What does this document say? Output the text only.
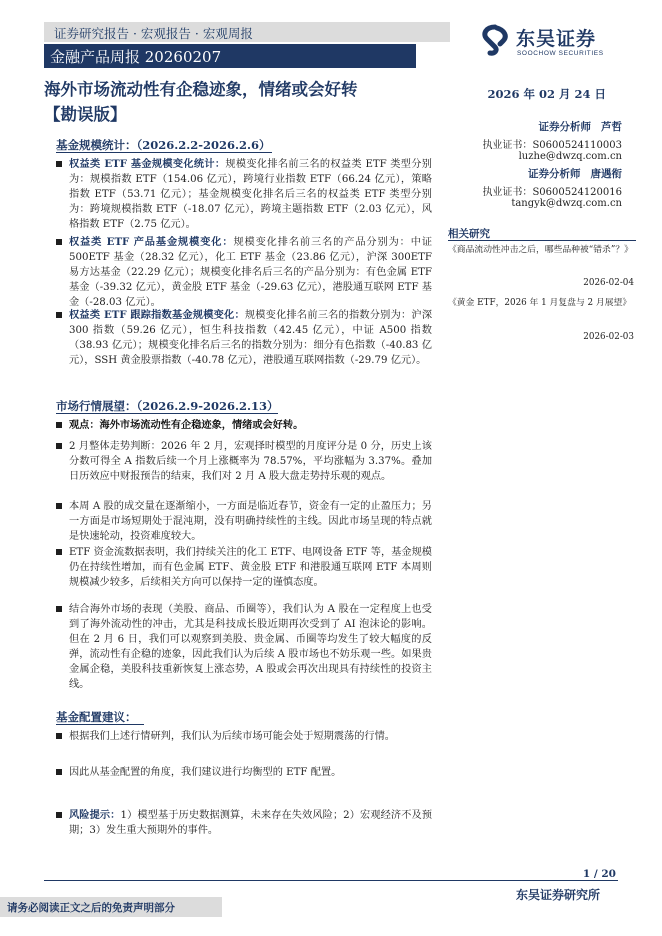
证券研究报告 · 宏观报告 · 宏观周报
金融产品周报 20260207
东吴证券
SOOCHOW SECURITIES
海外市场流动性有企稳迹象，情绪或会好转
【勘误版】
2026 年 02 月 24 日
证券分析师 芦哲
执业证书：S0600524110003
luzhe@dwzq.com.cn
证券分析师 唐遇衔
执业证书：S0600524120016
tangyk@dwzq.com.cn
相关研究
《商品流动性冲击之后，哪些品种被“错杀”？》
2026-02-04
《黄金 ETF，2026 年 1 月复盘与 2 月展望》
2026-02-03
基金规模统计：（2026.2.2-2026.2.6）
权益类 ETF 基金规模变化统计：规模变化排名前三名的权益类 ETF 类型分别为：规模指数 ETF（154.06 亿元），跨境行业指数 ETF（66.24 亿元），策略指数 ETF（53.71 亿元）；基金规模变化排名后三名的权益类 ETF 类型分别为：跨境规模指数 ETF（-18.07 亿元），跨境主题指数 ETF（2.03 亿元），风格指数 ETF（2.75 亿元）。
权益类 ETF 产品基金规模变化：规模变化排名前三名的产品分别为：中证 500ETF 基金（28.32 亿元），化工 ETF 基金（23.86 亿元），沪深 300ETF 易方达基金（22.29 亿元）；规模变化排名后三名的产品分别为：有色金属 ETF 基金（-39.32 亿元），黄金股 ETF 基金（-29.63 亿元），港股通互联网 ETF 基金（-28.03 亿元）。
权益类 ETF 跟踪指数基金规模变化：规模变化排名前三名的指数分别为：沪深 300 指数（59.26 亿元），恒生科技指数（42.45 亿元），中证 A500 指数（38.93 亿元）；规模变化排名后三名的指数分别为：细分有色指数（-40.83 亿元），SSH 黄金股票指数（-40.78 亿元），港股通互联网指数（-29.79 亿元）。
市场行情展望：（2026.2.9-2026.2.13）
观点：海外市场流动性有企稳迹象，情绪或会好转。
2 月整体走势判断：2026 年 2 月，宏观择时模型的月度评分是 0 分，历史上该分数可得全 A 指数后续一个月上涨概率为 78.57%，平均涨幅为 3.37%。叠加日历效应中财报预告的结束，我们对 2 月 A 股大盘走势持乐观的观点。
本周 A 股的成交量在逐渐缩小，一方面是临近春节，资金有一定的止盈压力；另一方面是市场短期处于混沌期，没有明确持续性的主线。因此市场呈现的特点就是快速轮动，投资难度较大。
ETF 资金流数据表明，我们持续关注的化工 ETF、电网设备 ETF 等，基金规模仍在持续性增加，而有色金属 ETF、黄金股 ETF 和港股通互联网 ETF 本周则规模减少较多，后续相关方向可以保持一定的谨慎态度。
结合海外市场的表现（美股、商品、币圈等），我们认为 A 股在一定程度上也受到了海外流动性的冲击，尤其是科技成长股近期再次受到了 AI 泡沫论的影响。但在 2 月 6 日，我们可以观察到美股、贵金属、币圈等均发生了较大幅度的反弹，流动性有企稳的迹象，因此我们认为后续 A 股市场也不妨乐观一些。如果贵金属企稳，美股科技重新恢复上涨态势，A 股或会再次出现具有持续性的投资主线。
基金配置建议：
根据我们上述行情研判，我们认为后续市场可能会处于短期震荡的行情。
因此从基金配置的角度，我们建议进行均衡型的 ETF 配置。
风险提示：1）模型基于历史数据测算，未来存在失效风险；2）宏观经济不及预期；3）发生重大预期外的事件。
1 / 20
东吴证券研究所
请务必阅读正文之后的免责声明部分
